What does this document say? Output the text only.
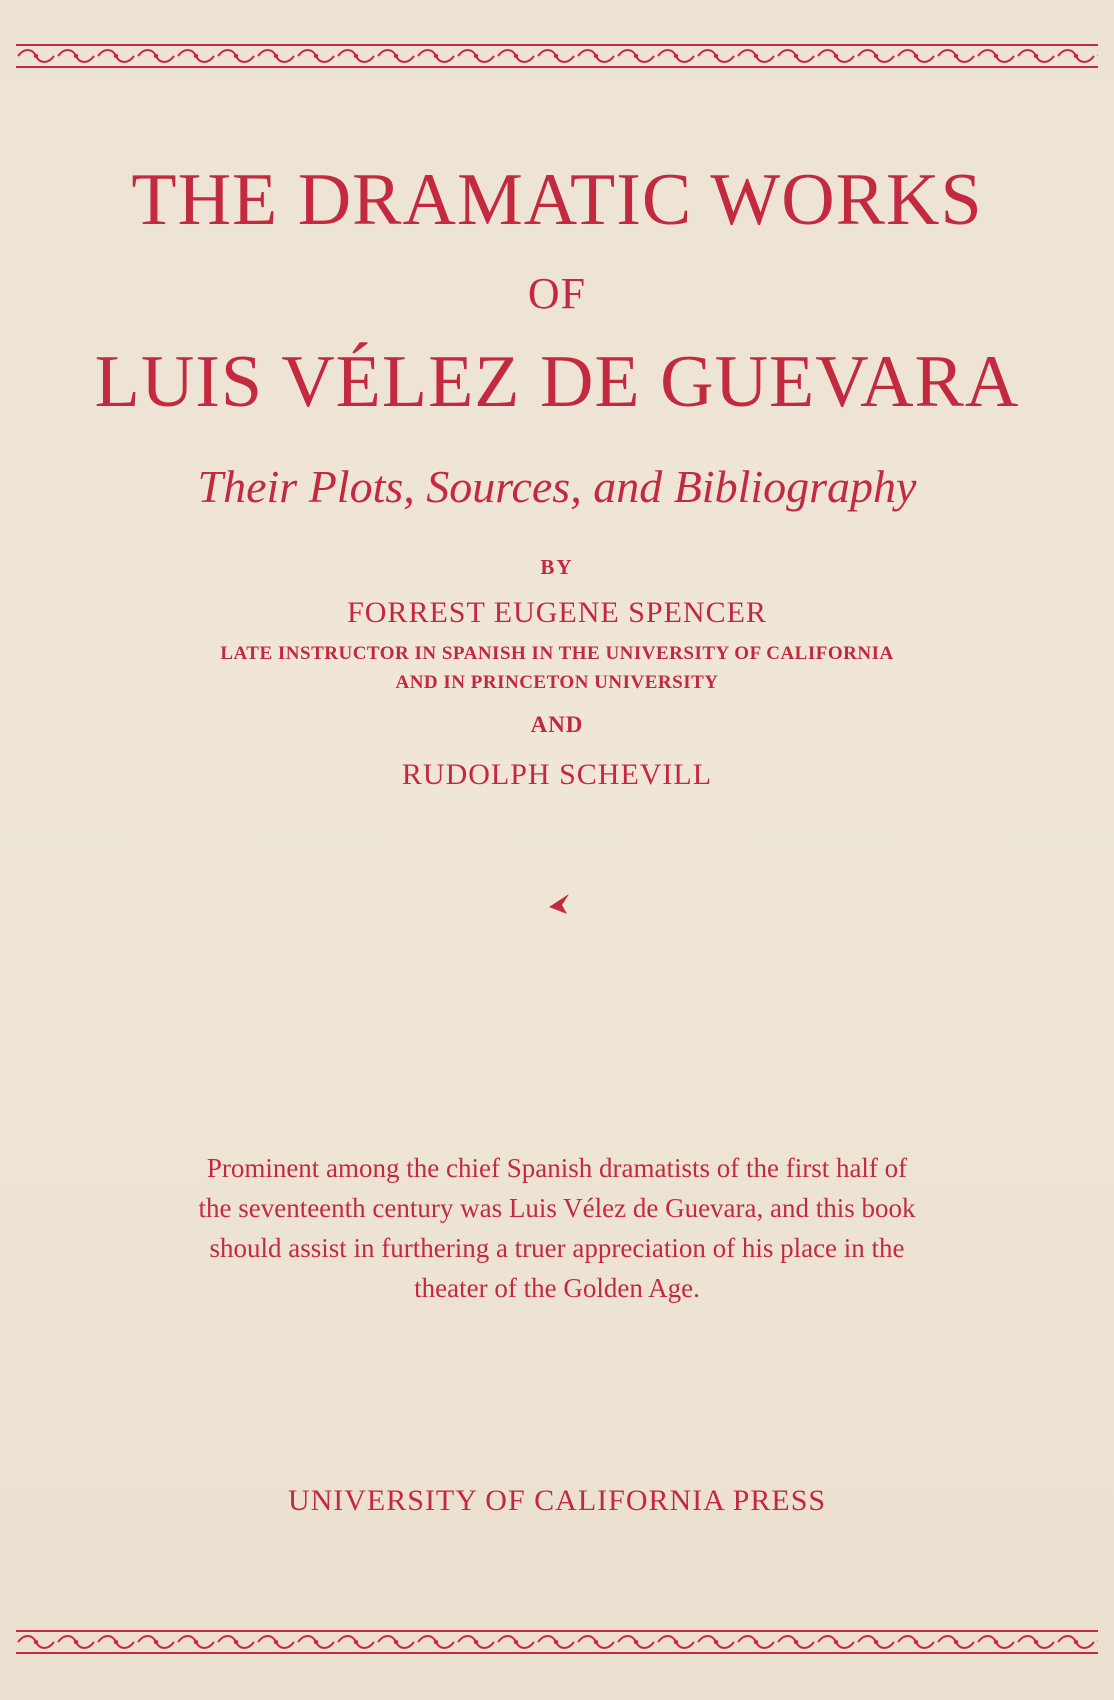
THE DRAMATIC WORKS
OF
LUIS VÉLEZ DE GUEVARA
Their Plots, Sources, and Bibliography
BY
FORREST EUGENE SPENCER
LATE INSTRUCTOR IN SPANISH IN THE UNIVERSITY OF CALIFORNIA
AND IN PRINCETON UNIVERSITY
AND
RUDOLPH SCHEVILL
Prominent among the chief Spanish dramatists of the first half of
the seventeenth century was Luis Vélez de Guevara, and this book
should assist in furthering a truer appreciation of his place in the
theater of the Golden Age.
UNIVERSITY OF CALIFORNIA PRESS
